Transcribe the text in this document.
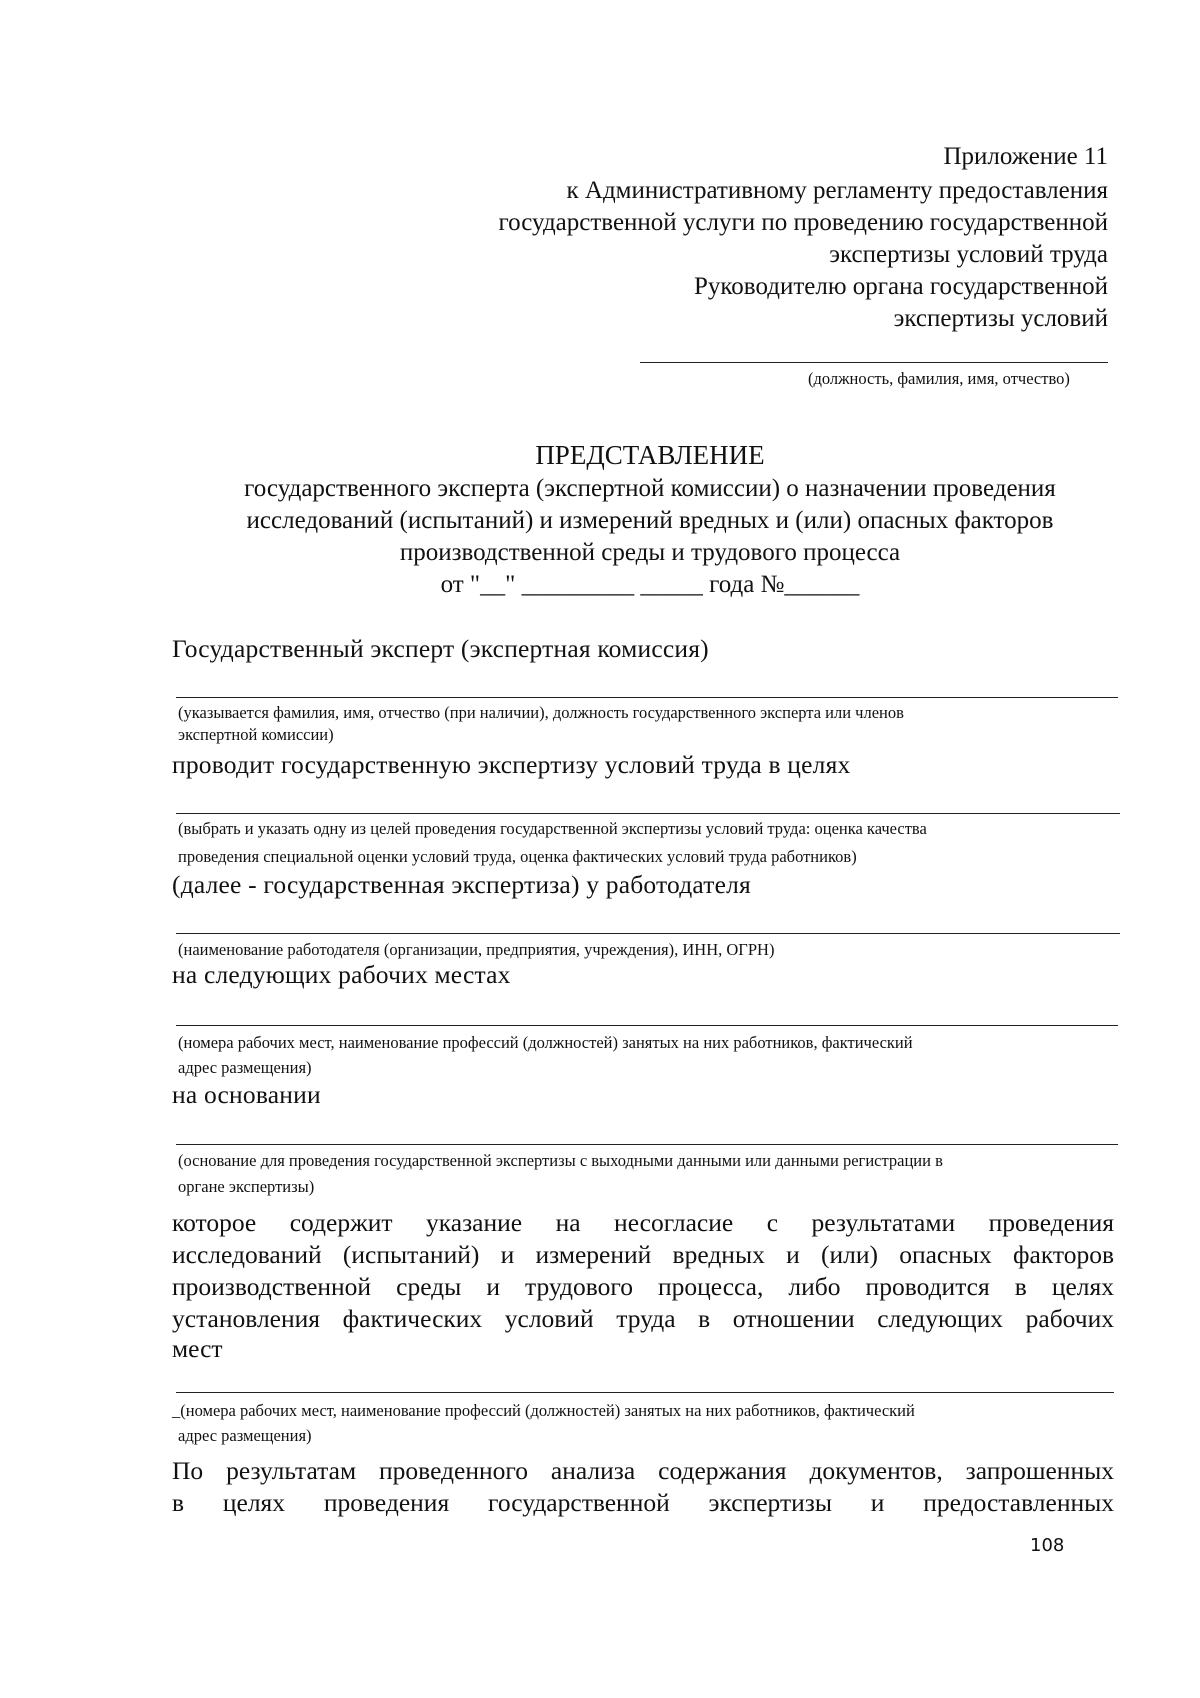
Приложение 11
к Административному регламенту предоставления
государственной услуги по проведению государственной
экспертизы условий труда
Руководителю органа государственной
экспертизы условий
(должность, фамилия, имя, отчество)
ПРЕДСТАВЛЕНИЕ
государственного эксперта (экспертной комиссии) о назначении проведения
исследований (испытаний) и измерений вредных и (или) опасных факторов
производственной среды и трудового процесса
от "__" _________ _____ года №______
Государственный эксперт (экспертная комиссия)
(указывается фамилия, имя, отчество (при наличии), должность государственного эксперта или членов
экспертной комиссии)
проводит государственную экспертизу условий труда в целях
(выбрать и указать одну из целей проведения государственной экспертизы условий труда: оценка качества
проведения специальной оценки условий труда, оценка фактических условий труда работников)
(далее - государственная экспертиза) у работодателя
(наименование работодателя (организации, предприятия, учреждения), ИНН, ОГРН)
на следующих рабочих местах
(номера рабочих мест, наименование профессий (должностей) занятых на них работников, фактический
адрес размещения)
на основании
(основание для проведения государственной экспертизы с выходными данными или данными регистрации в
органе экспертизы)
которое содержит указание на несогласие с результатами проведения
исследований (испытаний) и измерений вредных и (или) опасных факторов
производственной среды и трудового процесса, либо проводится в целях
установления фактических условий труда в отношении следующих рабочих
мест
_(номера рабочих мест, наименование профессий (должностей) занятых на них работников, фактический
адрес размещения)
По результатам проведенного анализа содержания документов, запрошенных
в целях проведения государственной экспертизы и предоставленных
108
